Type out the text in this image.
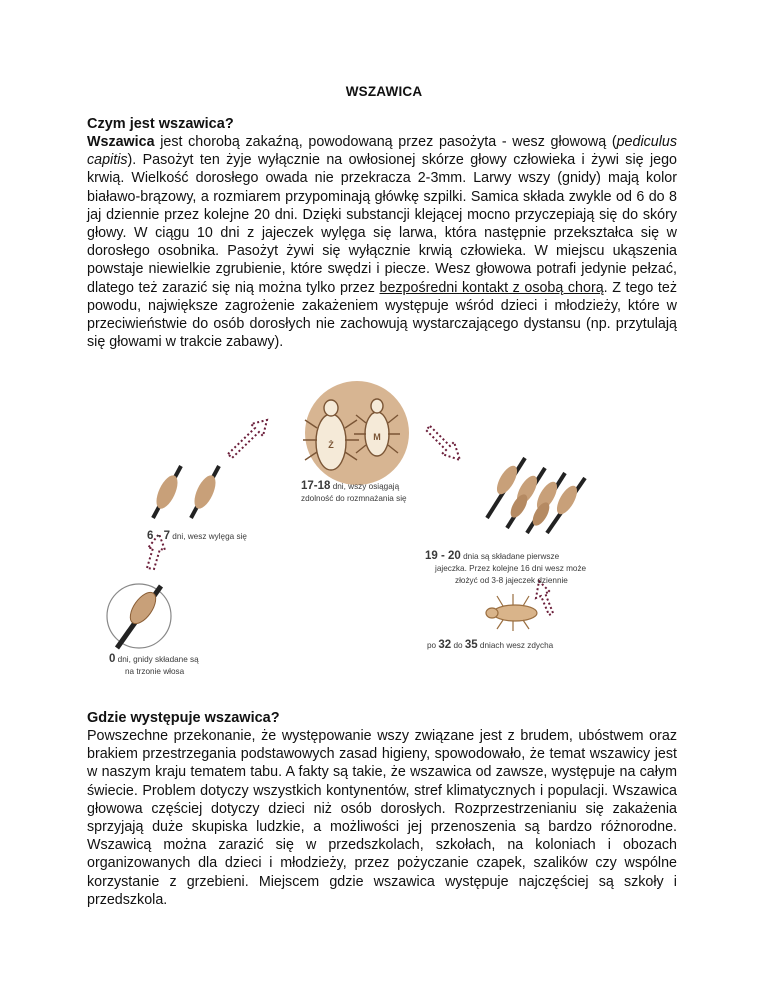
WSZAWICA
Czym jest wszawica?

Wszawica jest chorobą zakaźną, powodowaną przez pasożyta - wesz głowową (pediculus capitis). Pasożyt ten żyje wyłącznie na owłosionej skórze głowy człowieka i żywi się jego krwią. Wielkość dorosłego owada nie przekracza 2-3mm. Larwy wszy (gnidy) mają kolor białawo-brązowy, a rozmiarem przypominają główkę szpilki. Samica składa zwykle od 6 do 8 jaj dziennie przez kolejne 20 dni. Dzięki substancji klejącej mocno przyczepiają się do skóry głowy. W ciągu 10 dni z jajeczek wylęga się larwa, która następnie przekształca się w dorosłego osobnika. Pasożyt żywi się wyłącznie krwią człowieka. W miejscu ukąszenia powstaje niewielkie zgrubienie, które swędzi i piecze. Wesz głowowa potrafi jedynie pełzać, dlatego też zarazić się nią można tylko przez bezpośredni kontakt z osobą chorą. Z tego też powodu, największe zagrożenie zakażeniem występuje wśród dzieci i młodzieży, które w przeciwieństwie do osób dorosłych nie zachowują wystarczającego dystansu (np. przytulają się głowami w trakcie zabawy).

Ż
M
17-18 dni, wszy osiągają
zdolność do rozmnażania się
6 - 7 dni, wesz wylęga się
19 - 20 dnia są składane pierwsze
jajeczka. Przez kolejne 16 dni wesz może
złożyć od 3-8 jajeczek dziennie
po 32 do 35 dniach wesz zdycha
0 dni, gnidy składane są
na trzonie włosa
Gdzie występuje wszawica?

Powszechne przekonanie, że występowanie wszy związane jest z brudem, ubóstwem oraz brakiem przestrzegania podstawowych zasad higieny, spowodowało, że temat wszawicy jest w naszym kraju tematem tabu. A fakty są takie, że wszawica od zawsze, występuje na całym świecie. Problem dotyczy wszystkich kontynentów, stref klimatycznych i populacji. Wszawica głowowa częściej dotyczy dzieci niż osób dorosłych. Rozprzestrzenianiu się zakażenia sprzyjają duże skupiska ludzkie, a możliwości jej przenoszenia są bardzo różnorodne. Wszawicą można zarazić się w przedszkolach, szkołach, na koloniach i obozach organizowanych dla dzieci i młodzieży, przez pożyczanie czapek, szalików czy wspólne korzystanie z grzebieni. Miejscem gdzie wszawica występuje najczęściej są szkoły i przedszkola.
